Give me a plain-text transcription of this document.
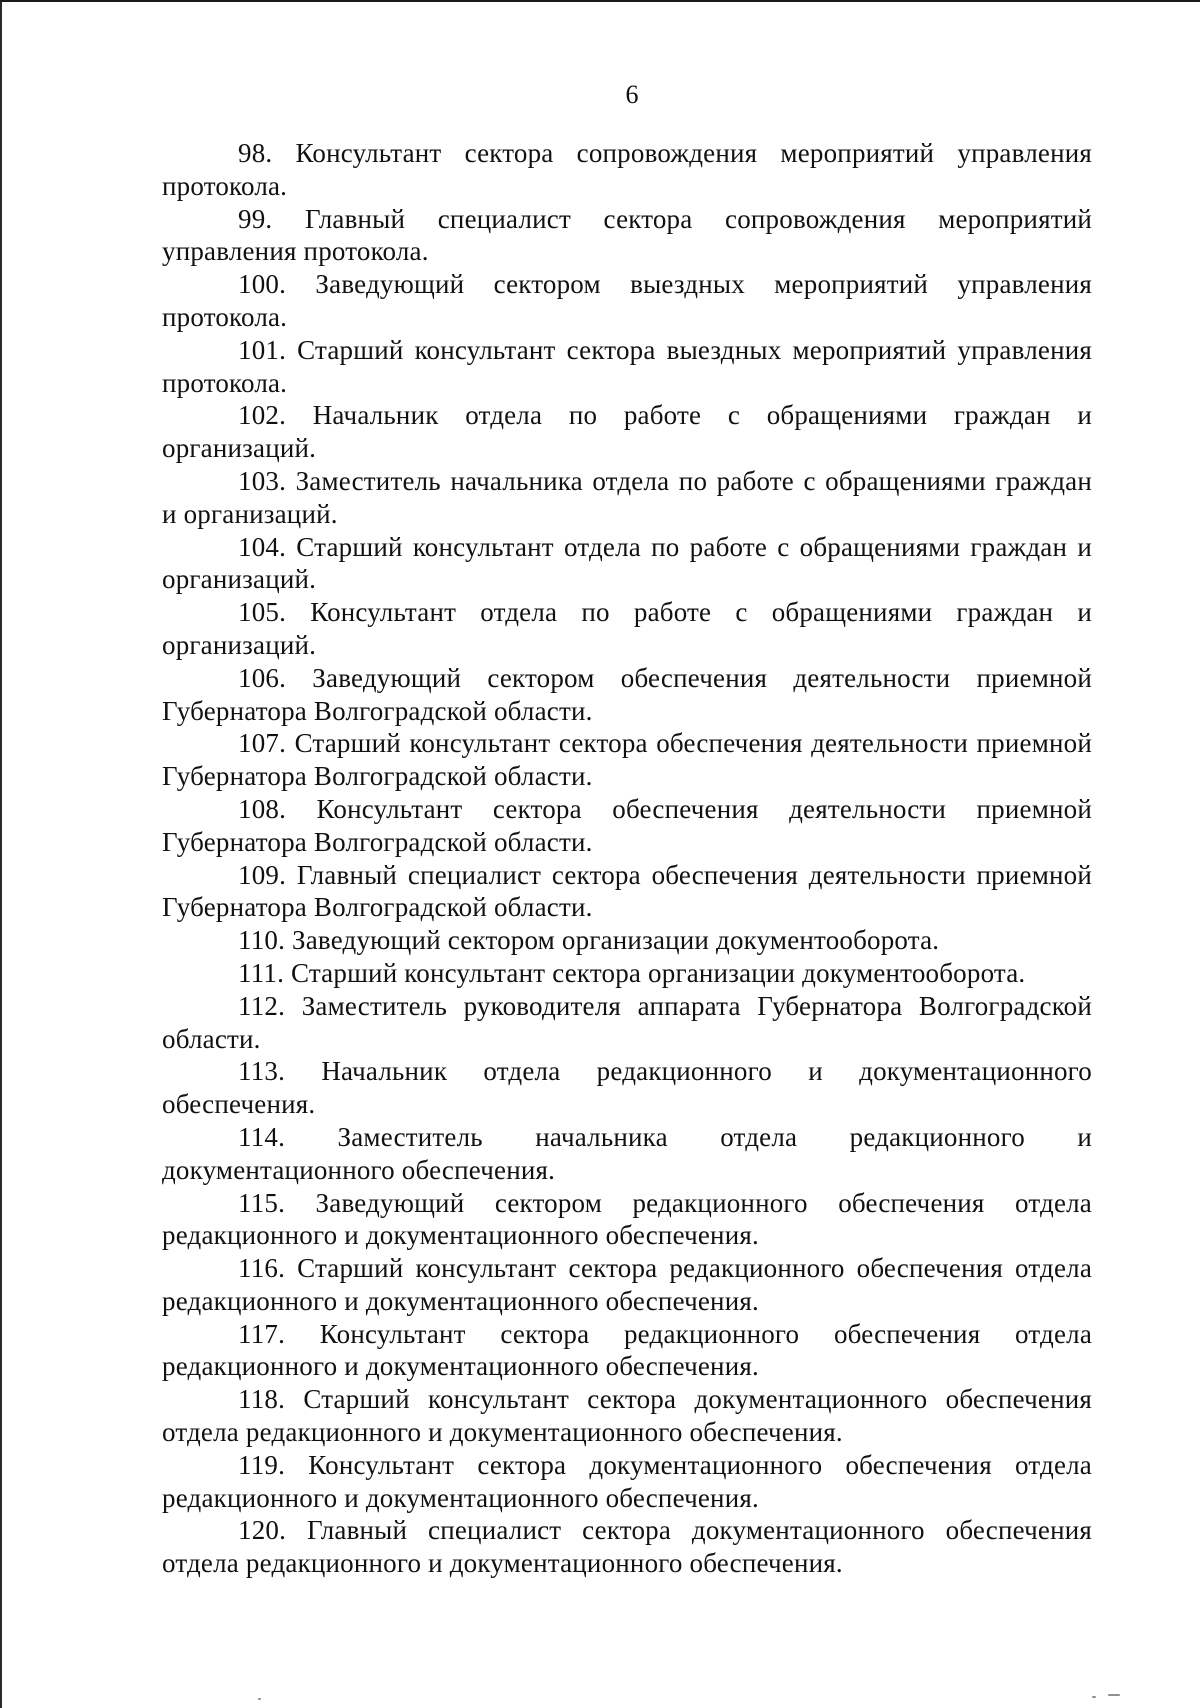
6

98. Консультант сектора сопровождения мероприятий управления протокола.

99. Главный специалист сектора сопровождения мероприятий управления протокола.

100. Заведующий сектором выездных мероприятий управления протокола.

101. Старший консультант сектора выездных мероприятий управления протокола.

102. Начальник отдела по работе с обращениями граждан и организаций.

103. Заместитель начальника отдела по работе с обращениями граждан и организаций.

104. Старший консультант отдела по работе с обращениями граждан и организаций.

105. Консультант отдела по работе с обращениями граждан и организаций.

106. Заведующий сектором обеспечения деятельности приемной Губернатора Волгоградской области.

107. Старший консультант сектора обеспечения деятельности приемной Губернатора Волгоградской области.

108. Консультант сектора обеспечения деятельности приемной Губернатора Волгоградской области.

109. Главный специалист сектора обеспечения деятельности приемной Губернатора Волгоградской области.

110. Заведующий сектором организации документооборота.

111. Старший консультант сектора организации документооборота.

112. Заместитель руководителя аппарата Губернатора Волгоградской области.

113. Начальник отдела редакционного и документационного обеспечения.

114. Заместитель начальника отдела редакционного и документационного обеспечения.

115. Заведующий сектором редакционного обеспечения отдела редакционного и документационного обеспечения.

116. Старший консультант сектора редакционного обеспечения отдела редакционного и документационного обеспечения.

117. Консультант сектора редакционного обеспечения отдела редакционного и документационного обеспечения.

118. Старший консультант сектора документационного обеспечения отдела редакционного и документационного обеспечения.

119. Консультант сектора документационного обеспечения отдела редакционного и документационного обеспечения.

120. Главный специалист сектора документационного обеспечения отдела редакционного и документационного обеспечения.
